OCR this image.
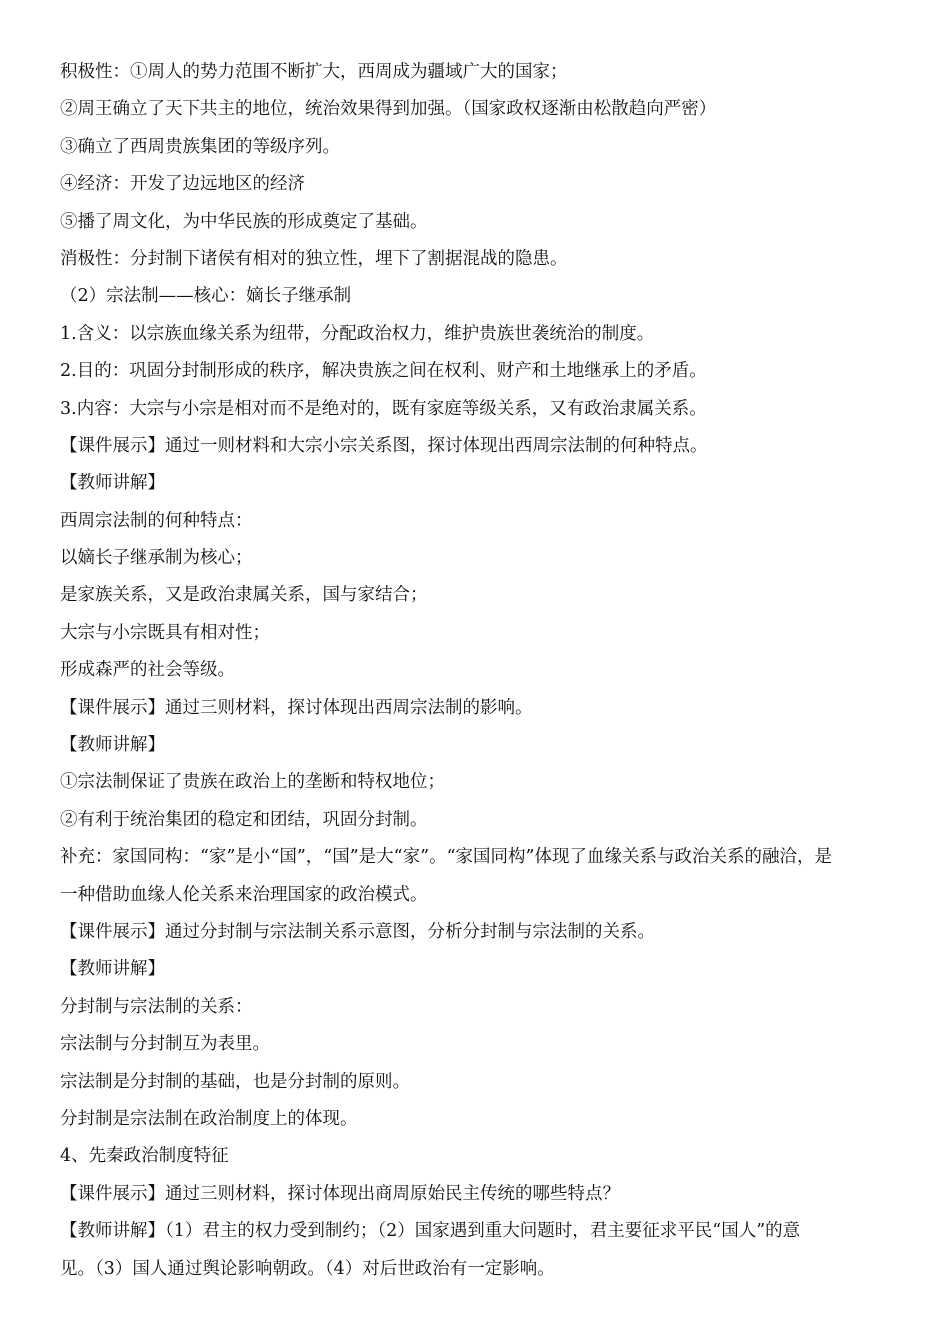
积极性：①周人的势力范围不断扩大，西周成为疆域广大的国家；
②周王确立了天下共主的地位，统治效果得到加强。（国家政权逐渐由松散趋向严密）
③确立了西周贵族集团的等级序列。
④经济：开发了边远地区的经济
⑤播了周文化，为中华民族的形成奠定了基础。
消极性：分封制下诸侯有相对的独立性，埋下了割据混战的隐患。
（2）宗法制——核心：嫡长子继承制
1.含义：以宗族血缘关系为纽带，分配政治权力，维护贵族世袭统治的制度。
2.目的：巩固分封制形成的秩序，解决贵族之间在权利、财产和土地继承上的矛盾。
3.内容：大宗与小宗是相对而不是绝对的，既有家庭等级关系，又有政治隶属关系。
【课件展示】通过一则材料和大宗小宗关系图，探讨体现出西周宗法制的何种特点。
【教师讲解】
西周宗法制的何种特点：
以嫡长子继承制为核心；
是家族关系，又是政治隶属关系，国与家结合；
大宗与小宗既具有相对性；
形成森严的社会等级。
【课件展示】通过三则材料，探讨体现出西周宗法制的影响。
【教师讲解】
①宗法制保证了贵族在政治上的垄断和特权地位；
②有利于统治集团的稳定和团结，巩固分封制。
补充：家国同构：“家”是小“国”，“国”是大“家”。“家国同构”体现了血缘关系与政治关系的融洽，是
一种借助血缘人伦关系来治理国家的政治模式。
【课件展示】通过分封制与宗法制关系示意图，分析分封制与宗法制的关系。
【教师讲解】
分封制与宗法制的关系：
宗法制与分封制互为表里。
宗法制是分封制的基础，也是分封制的原则。
分封制是宗法制在政治制度上的体现。
4、先秦政治制度特征
【课件展示】通过三则材料，探讨体现出商周原始民主传统的哪些特点？
【教师讲解】（1）君主的权力受到制约；（2）国家遇到重大问题时，君主要征求平民“国人”的意
见。（3）国人通过舆论影响朝政。（4）对后世政治有一定影响。
